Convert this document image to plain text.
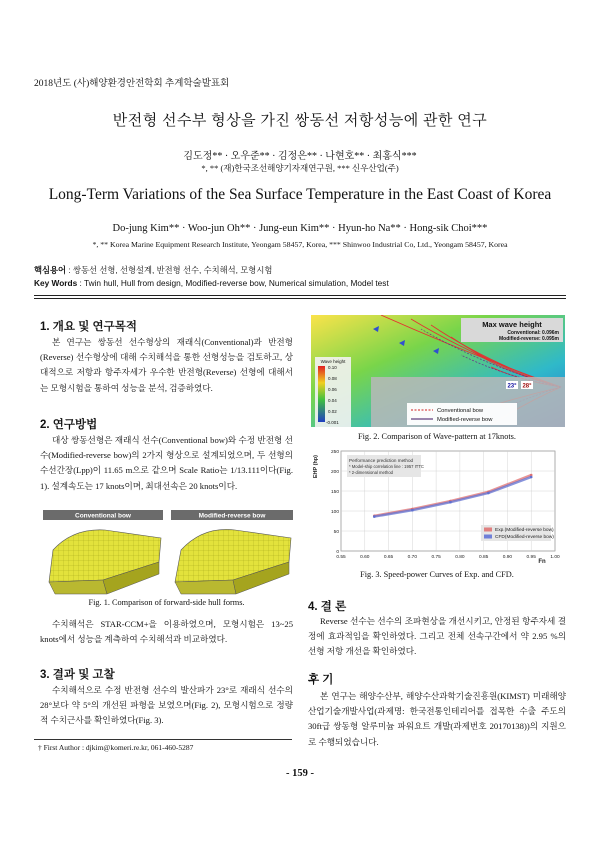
2018년도 (사)해양환경안전학회 추계학술발표회
반전형 선수부 형상을 가진 쌍동선 저항성능에 관한 연구
김도정** · 오우준** · 김정은** · 나현호** · 최홍식***
*, ** (재)한국조선해양기자재연구원, *** 신우산업(주)
Long-Term Variations of the Sea Surface Temperature in the East Coast of Korea
Do-jung Kim** · Woo-jun Oh** · Jung-eun Kim** · Hyun-ho Na** · Hong-sik Choi***
*, ** Korea Marine Equipment Research Institute, Yeongam 58457, Korea, *** Shinwoo Industrial Co, Ltd., Yeongam 58457, Korea
핵심용어 : 쌍동선 선형, 선형설계, 반전형 선수, 수치해석, 모형시험
Key Words : Twin hull, Hull from design, Modified-reverse bow, Numerical simulation, Model test
1. 개요 및 연구목적
본 연구는 쌍동선 선수형상의 재래식(Conventional)과 반전형(Reverse) 선수형상에 대해 수치해석을 통한 선형성능을 검토하고, 상대적으로 저항과 항주자세가 우수한 반전형(Reverse) 선형에 대해서는 모형시험을 통하여 성능을 분석, 검증하였다.
2. 연구방법
대상 쌍동선형은 재래식 선수(Conventional bow)와 수정 반전형 선수(Modified-reverse bow)의 2가지 형상으로 설계되었으며, 두 선형의 수선간장(Lpp)이 11.65 m으로 같으며 Scale Ratio는 1/13.111이다(Fig. 1). 설계속도는 17 knots이며, 최대선속은 20 knots이다.
Conventional bow	Modified-reverse bow
Fig. 1. Comparison of forward-side hull forms.
수치해석은 STAR-CCM+을 이용하였으며, 모형시험은 13~25 knots에서 성능을 계측하여 수치해석과 비교하였다.
3. 결과 및 고찰
수치해석으로 수정 반전형 선수의 발산파가 23°로 재래식 선수의 28°보다 약 5°의 개선된 파형을 보였으며(Fig. 2), 모형시험으로 정량적 수치근사를 확인하였다(Fig. 3).
† First Author : djkim@komeri.re.kr, 061-460-5287
- 159 -
Max wave height
Conventional: 0.096m
Modified-reverse: 0.095m
Wave height
0.10
0.08
0.06
0.04
0.02
-0.001
23° 28°
Conventional bow
Modified-reverse bow
Fig. 2. Comparison of Wave-pattern at 17knots.
0.55	0.60	0.65	0.70	0.75	0.80	0.85	0.90	0.95	1.00
0
50
100
150
200
250
Performance prediction method
* Model-ship correlation line : 1957 ITTC
* 2-dimensional method
Exp.(Modified-reverse bow)
CFD(Modified-reverse bow)
EHP (hp)
Fn
Fig. 3. Speed-power Curves of Exp. and CFD.
4. 결 론
Reverse 선수는 선수의 조파현상을 개선시키고, 안정된 항주자세 결정에 효과적임을 확인하였다. 그리고 전체 선속구간에서 약 2.95 %의 선형 저항 개선을 확인하였다.
후 기
본 연구는 해양수산부, 해양수산과학기술진흥원(KIMST) 미래해양산업기술개발사업(과제명: 한국전통인테리어를 접목한 수출 주도의 30ft급 쌍동형 알루미늄 파워요트 개발(과제번호 20170138))의 지원으로 수행되었습니다.
